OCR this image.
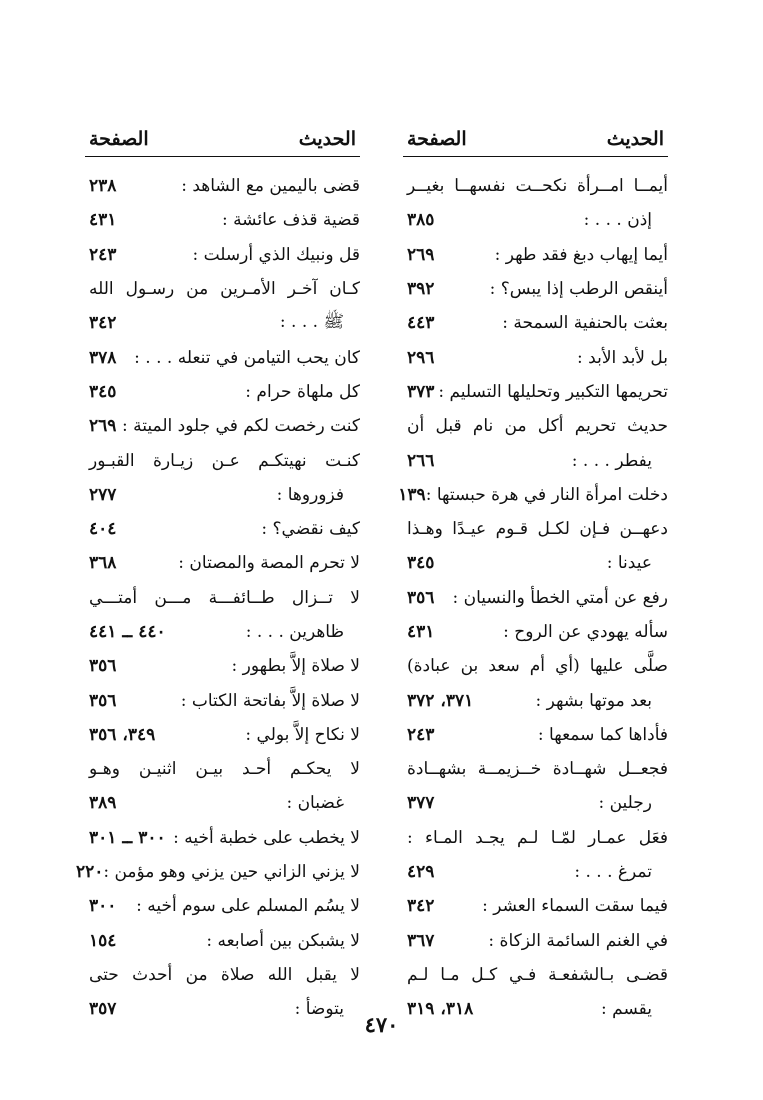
الحديث
الصفحة
أيمــا امــرأة نكحــت نفسهــا بغيــر
إذن . . . :
٣٨٥
أيما إيهاب دبغ فقد طهر :
٢٦٩
أينقص الرطب إذا يبس؟ :
٣٩٢
بعثت بالحنفية السمحة :
٤٤٣
بل لأبد الأبد :
٢٩٦
تحريمها التكبير وتحليلها التسليم :
٣٧٣
حديث تحريم أكل من نام قبل أن
يفطر . . . :
٢٦٦
دخلت امرأة النار في هرة حبستها :
١٣٩
دعهــن فـإن لكـل قـوم عيـدًا وهـذا
عيدنا :
٣٤٥
رفع عن أمتي الخطأ والنسيان :
٣٥٦
سأله يهودي عن الروح :
٤٣١
صلَّى عليها (أي أم سعد بن عبادة)
بعد موتها بشهر :
٣٧١، ٣٧٢
فأداها كما سمعها :
٢٤٣
فجعــل شهــادة خــزيمــة بشهــادة
رجلين :
٣٧٧
فعَل عمـار لمّـا لـم يجـد المـاء :
تمرغ . . . :
٤٢٩
فيما سقت السماء العشر :
٣٤٢
في الغنم السائمة الزكاة :
٣٦٧
قضـى بـالشفعـة فـي كـل مـا لـم
يقسم :
٣١٨، ٣١٩
الحديث
الصفحة
قضى باليمين مع الشاهد :
٢٣٨
قضية قذف عائشة :
٤٣١
قل ونبيك الذي أرسلت :
٢٤٣
كـان آخـر الأمـرين من رسـول الله
ﷺ . . . :
٣٤٢
كان يحب التيامن في تنعله . . . :
٣٧٨
كل ملهاة حرام :
٣٤٥
كنت رخصت لكم في جلود الميتة :
٢٦٩
كنـت نهيتكـم عـن زيـارة القبـور
فزوروها :
٢٧٧
كيف نقضي؟ :
٤٠٤
لا تحرم المصة والمصتان :
٣٦٨
لا تــزال طــائفـــة مـــن أمتـــي
ظاهرين . . . :
٤٤٠ ــ ٤٤١
لا صلاة إلاَّ بطهور :
٣٥٦
لا صلاة إلاَّ بفاتحة الكتاب :
٣٥٦
لا نكاح إلاَّ بولي :
٣٤٩، ٣٥٦
لا يحكـم أحـد بيـن اثنيـن وهـو
غضبان :
٣٨٩
لا يخطب على خطبة أخيه :
٣٠٠ ــ ٣٠١
لا يزني الزاني حين يزني وهو مؤمن :
٢٢٠
لا يسُم المسلم على سوم أخيه :
٣٠٠
لا يشبكن بين أصابعه :
١٥٤
لا يقبل الله صلاة من أحدث حتى
يتوضأ :
٣٥٧
٤٧٠
